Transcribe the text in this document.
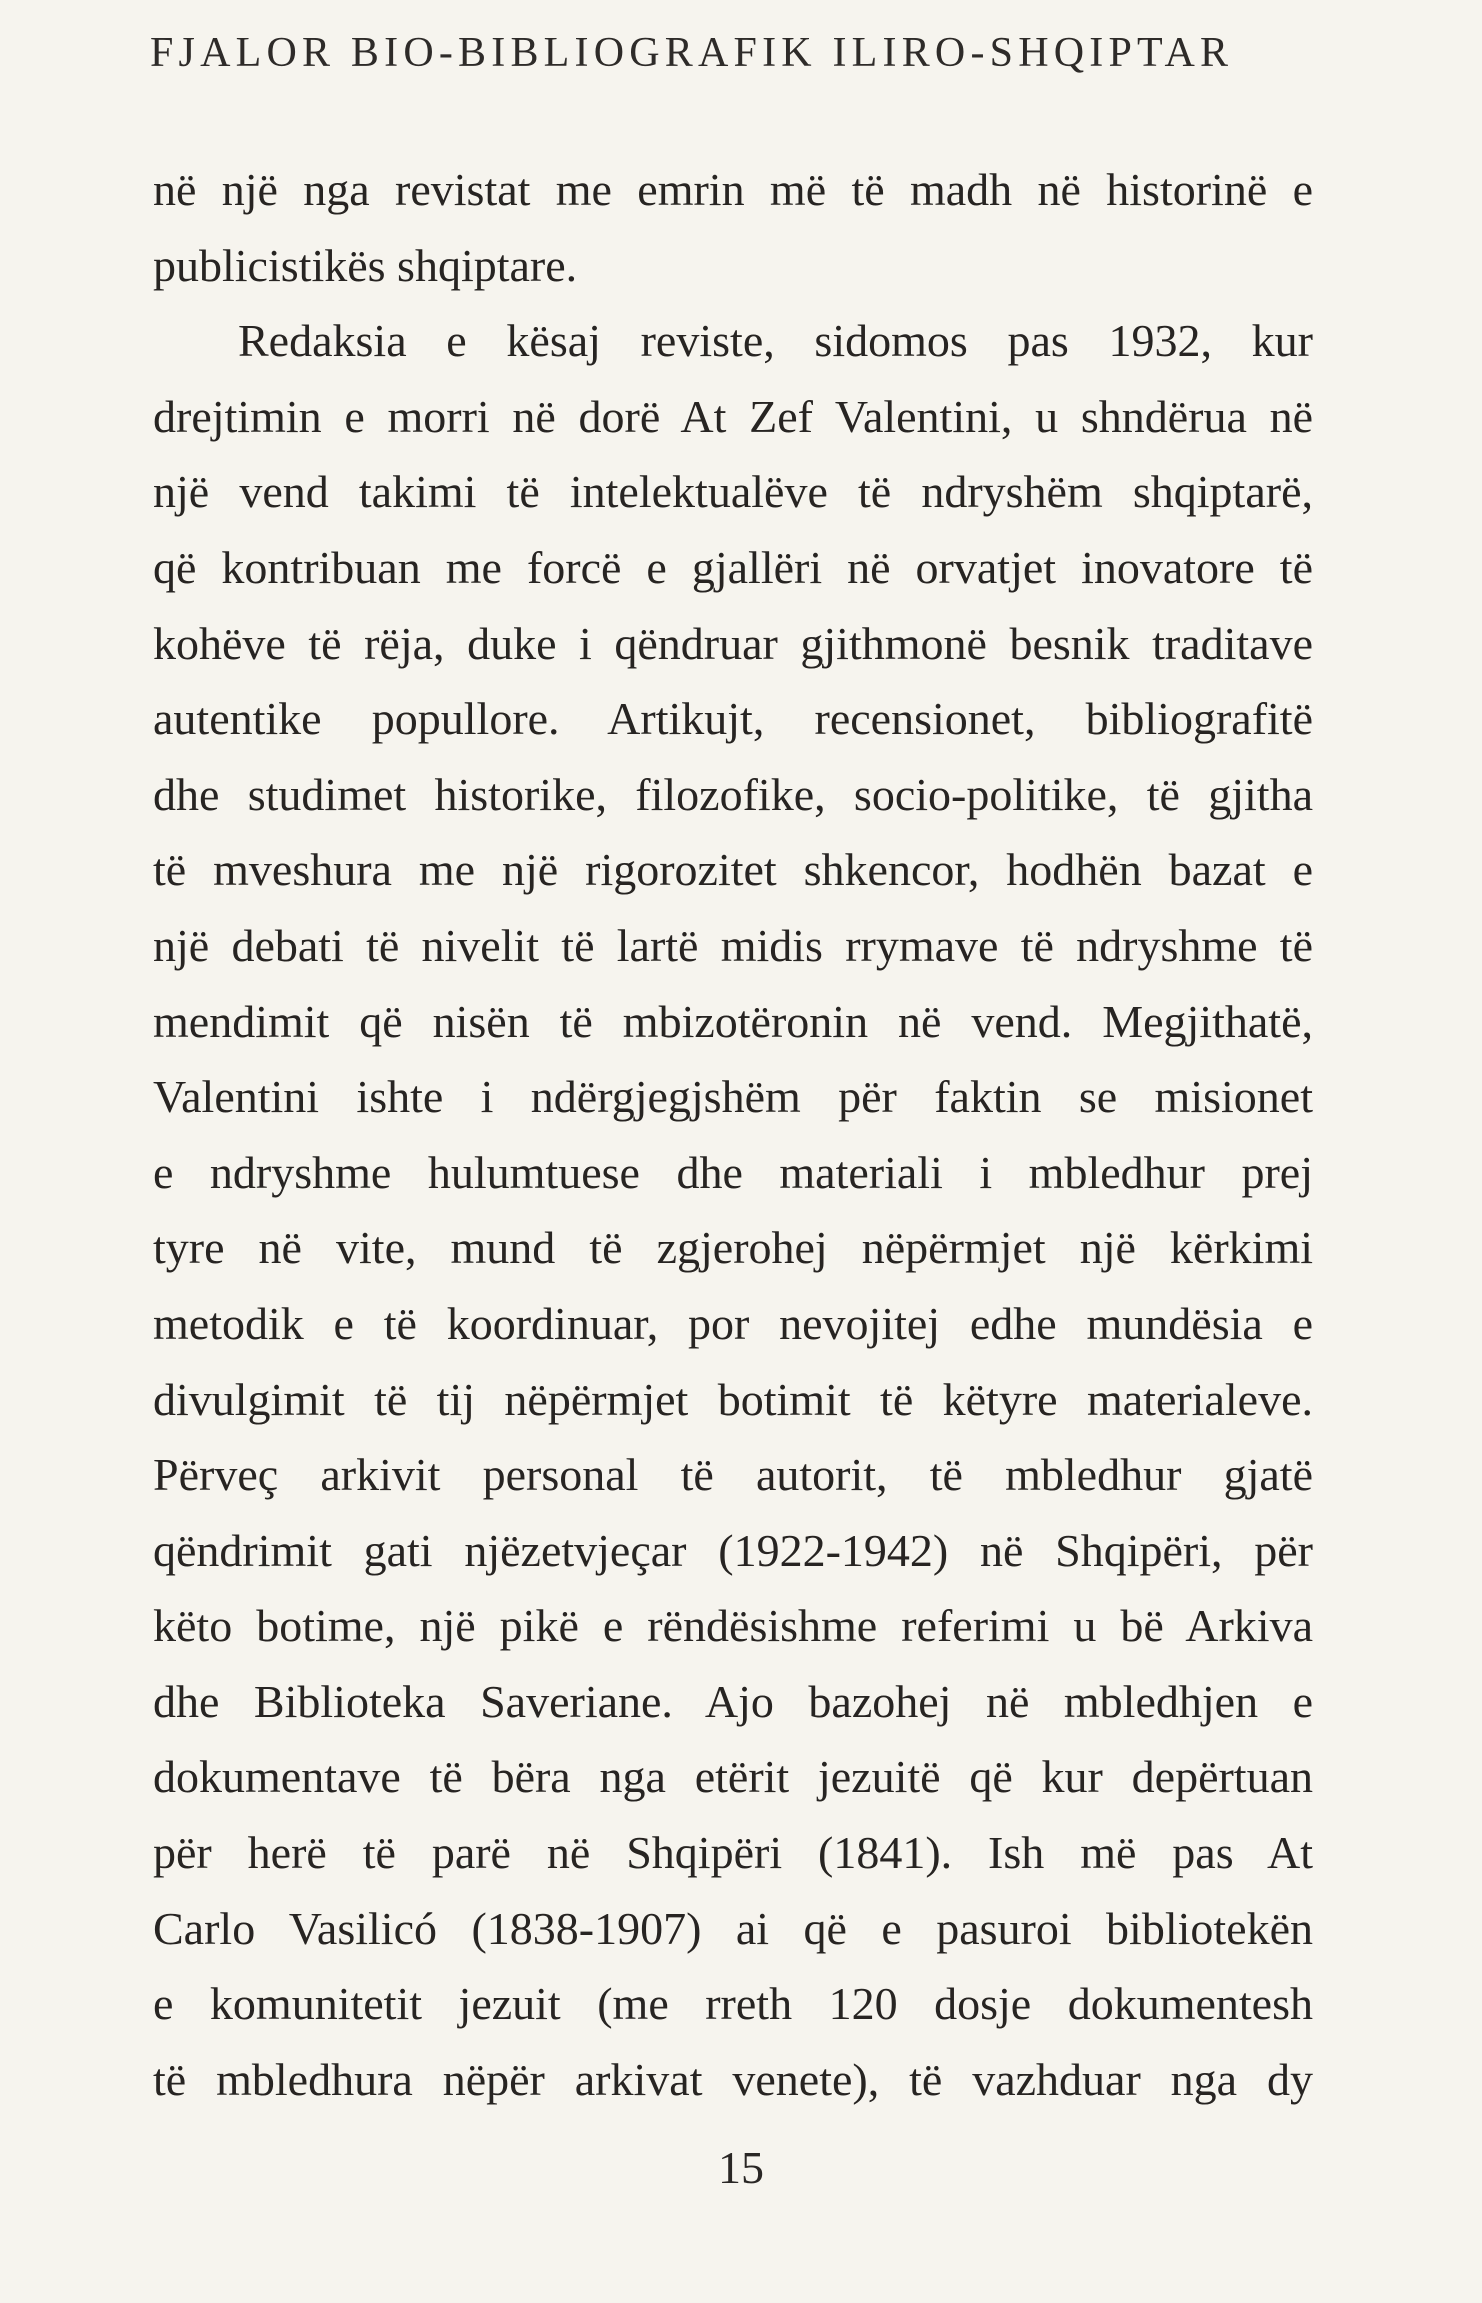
FJALOR BIO-BIBLIOGRAFIK ILIRO-SHQIPTAR
në një nga revistat me emrin më të madh në historinë e
publicistikës shqiptare.
Redaksia e kësaj reviste, sidomos pas 1932, kur
drejtimin e morri në dorë At Zef Valentini, u shndërua në
një vend takimi të intelektualëve të ndryshëm shqiptarë,
që kontribuan me forcë e gjallëri në orvatjet inovatore të
kohëve të rëja, duke i qëndruar gjithmonë besnik traditave
autentike popullore. Artikujt, recensionet, bibliografitë
dhe studimet historike, filozofike, socio-politike, të gjitha
të mveshura me një rigorozitet shkencor, hodhën bazat e
një debati të nivelit të lartë midis rrymave të ndryshme të
mendimit që nisën të mbizotëronin në vend. Megjithatë,
Valentini ishte i ndërgjegjshëm për faktin se misionet
e ndryshme hulumtuese dhe materiali i mbledhur prej
tyre në vite, mund të zgjerohej nëpërmjet një kërkimi
metodik e të koordinuar, por nevojitej edhe mundësia e
divulgimit të tij nëpërmjet botimit të këtyre materialeve.
Përveç arkivit personal të autorit, të mbledhur gjatë
qëndrimit gati njëzetvjeçar (1922-1942) në Shqipëri, për
këto botime, një pikë e rëndësishme referimi u bë Arkiva
dhe Biblioteka Saveriane. Ajo bazohej në mbledhjen e
dokumentave të bëra nga etërit jezuitë që kur depërtuan
për herë të parë në Shqipëri (1841). Ish më pas At
Carlo Vasilicó (1838-1907) ai që e pasuroi bibliotekën
e komunitetit jezuit (me rreth 120 dosje dokumentesh
të mbledhura nëpër arkivat venete), të vazhduar nga dy
15
